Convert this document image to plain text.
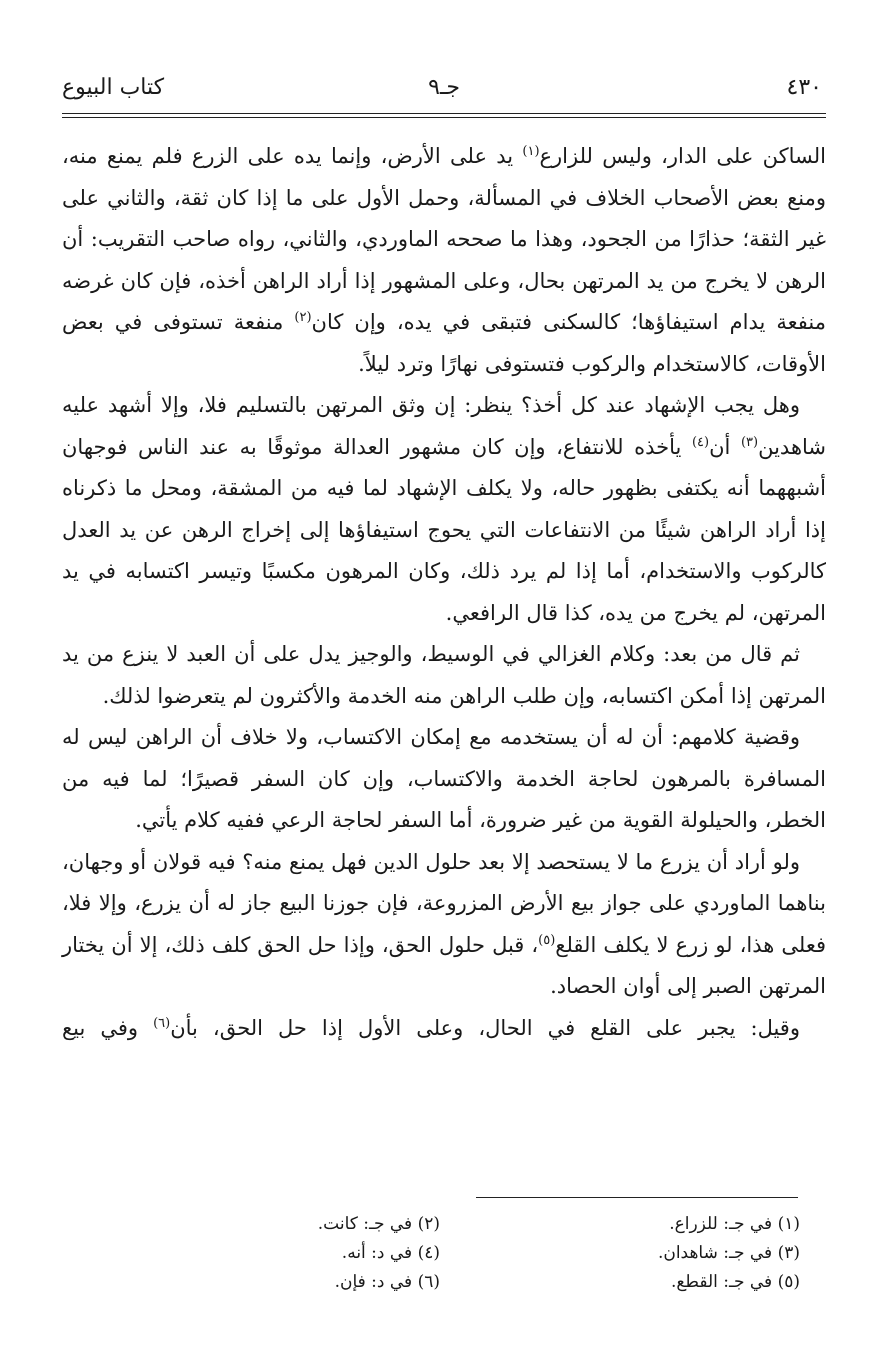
٤٣٠
جـ٩
كتاب البيوع

الساكن على الدار، وليس للزارع$^{(١)}$ يد على الأرض، وإنما يده على الزرع فلم يمنع منه، ومنع بعض الأصحاب الخلاف في المسألة، وحمل الأول على ما إذا كان ثقة، والثاني على غير الثقة؛ حذارًا من الجحود، وهذا ما صححه الماوردي، والثاني، رواه صاحب التقريب: أن الرهن لا يخرج من يد المرتهن بحال، وعلى المشهور إذا أراد الراهن أخذه، فإن كان غرضه منفعة يدام استيفاؤها؛ كالسكنى فتبقى في يده، وإن كان$^{(٢)}$ منفعة تستوفى في بعض الأوقات، كالاستخدام والركوب فتستوفى نهارًا وترد ليلاً.

وهل يجب الإشهاد عند كل أخذ؟ ينظر: إن وثق المرتهن بالتسليم فلا، وإلا أشهد عليه شاهدين$^{(٣)}$ أن$^{(٤)}$ يأخذه للانتفاع، وإن كان مشهور العدالة موثوقًا به عند الناس فوجهان أشبههما أنه يكتفى بظهور حاله، ولا يكلف الإشهاد لما فيه من المشقة، ومحل ما ذكرناه إذا أراد الراهن شيئًا من الانتفاعات التي يحوج استيفاؤها إلى إخراج الرهن عن يد العدل كالركوب والاستخدام، أما إذا لم يرد ذلك، وكان المرهون مكسبًا وتيسر اكتسابه في يد المرتهن، لم يخرج من يده، كذا قال الرافعي.

ثم قال من بعد: وكلام الغزالي في الوسيط، والوجيز يدل على أن العبد لا ينزع من يد المرتهن إذا أمكن اكتسابه، وإن طلب الراهن منه الخدمة والأكثرون لم يتعرضوا لذلك.

وقضية كلامهم: أن له أن يستخدمه مع إمكان الاكتساب، ولا خلاف أن الراهن ليس له المسافرة بالمرهون لحاجة الخدمة والاكتساب، وإن كان السفر قصيرًا؛ لما فيه من الخطر، والحيلولة القوية من غير ضرورة، أما السفر لحاجة الرعي ففيه كلام يأتي.

ولو أراد أن يزرع ما لا يستحصد إلا بعد حلول الدين فهل يمنع منه؟ فيه قولان أو وجهان، بناهما الماوردي على جواز بيع الأرض المزروعة، فإن جوزنا البيع جاز له أن يزرع، وإلا فلا، فعلى هذا، لو زرع لا يكلف القلع$^{(٥)}$، قبل حلول الحق، وإذا حل الحق كلف ذلك، إلا أن يختار المرتهن الصبر إلى أوان الحصاد.

وقيل: يجبر على القلع في الحال، وعلى الأول إذا حل الحق، بأن$^{(٦)}$ وفي بيع

(١) في جـ: للزراع.
(٢) في جـ: كانت.
(٣) في جـ: شاهدان.
(٤) في د: أنه.
(٥) في جـ: القطع.
(٦) في د: فإن.
